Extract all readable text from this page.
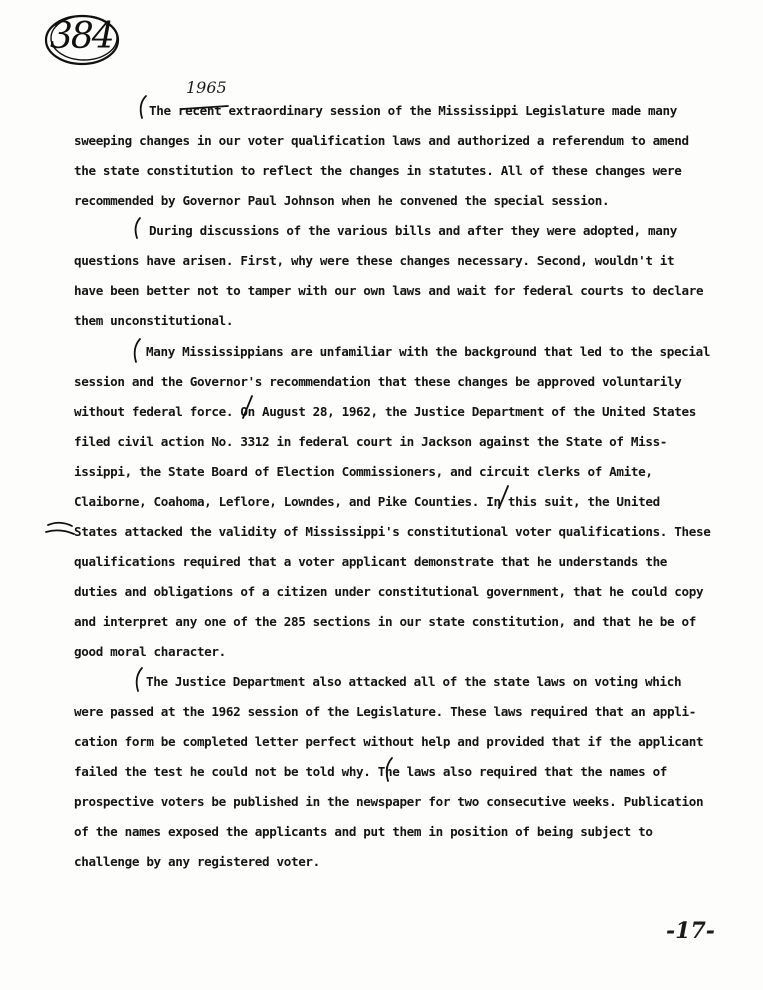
384
1965
The recent extraordinary session of the Mississippi Legislature made many
sweeping changes in our voter qualification laws and authorized a referendum to amend
the state constitution to reflect the changes in statutes. All of these changes were
recommended by Governor Paul Johnson when he convened the special session.
During discussions of the various bills and after they were adopted, many
questions have arisen. First, why were these changes necessary. Second, wouldn't it
have been better not to tamper with our own laws and wait for federal courts to declare
them unconstitutional.
Many Mississippians are unfamiliar with the background that led to the special
session and the Governor's recommendation that these changes be approved voluntarily
without federal force. On August 28, 1962, the Justice Department of the United States
filed civil action No. 3312 in federal court in Jackson against the State of Miss-
issippi, the State Board of Election Commissioners, and circuit clerks of Amite,
Claiborne, Coahoma, Leflore, Lowndes, and Pike Counties. In this suit, the United
States attacked the validity of Mississippi's constitutional voter qualifications. These
qualifications required that a voter applicant demonstrate that he understands the
duties and obligations of a citizen under constitutional government, that he could copy
and interpret any one of the 285 sections in our state constitution, and that he be of
good moral character.
The Justice Department also attacked all of the state laws on voting which
were passed at the 1962 session of the Legislature. These laws required that an appli-
cation form be completed letter perfect without help and provided that if the applicant
failed the test he could not be told why. The laws also required that the names of
prospective voters be published in the newspaper for two consecutive weeks. Publication
of the names exposed the applicants and put them in position of being subject to
challenge by any registered voter.
-17-
